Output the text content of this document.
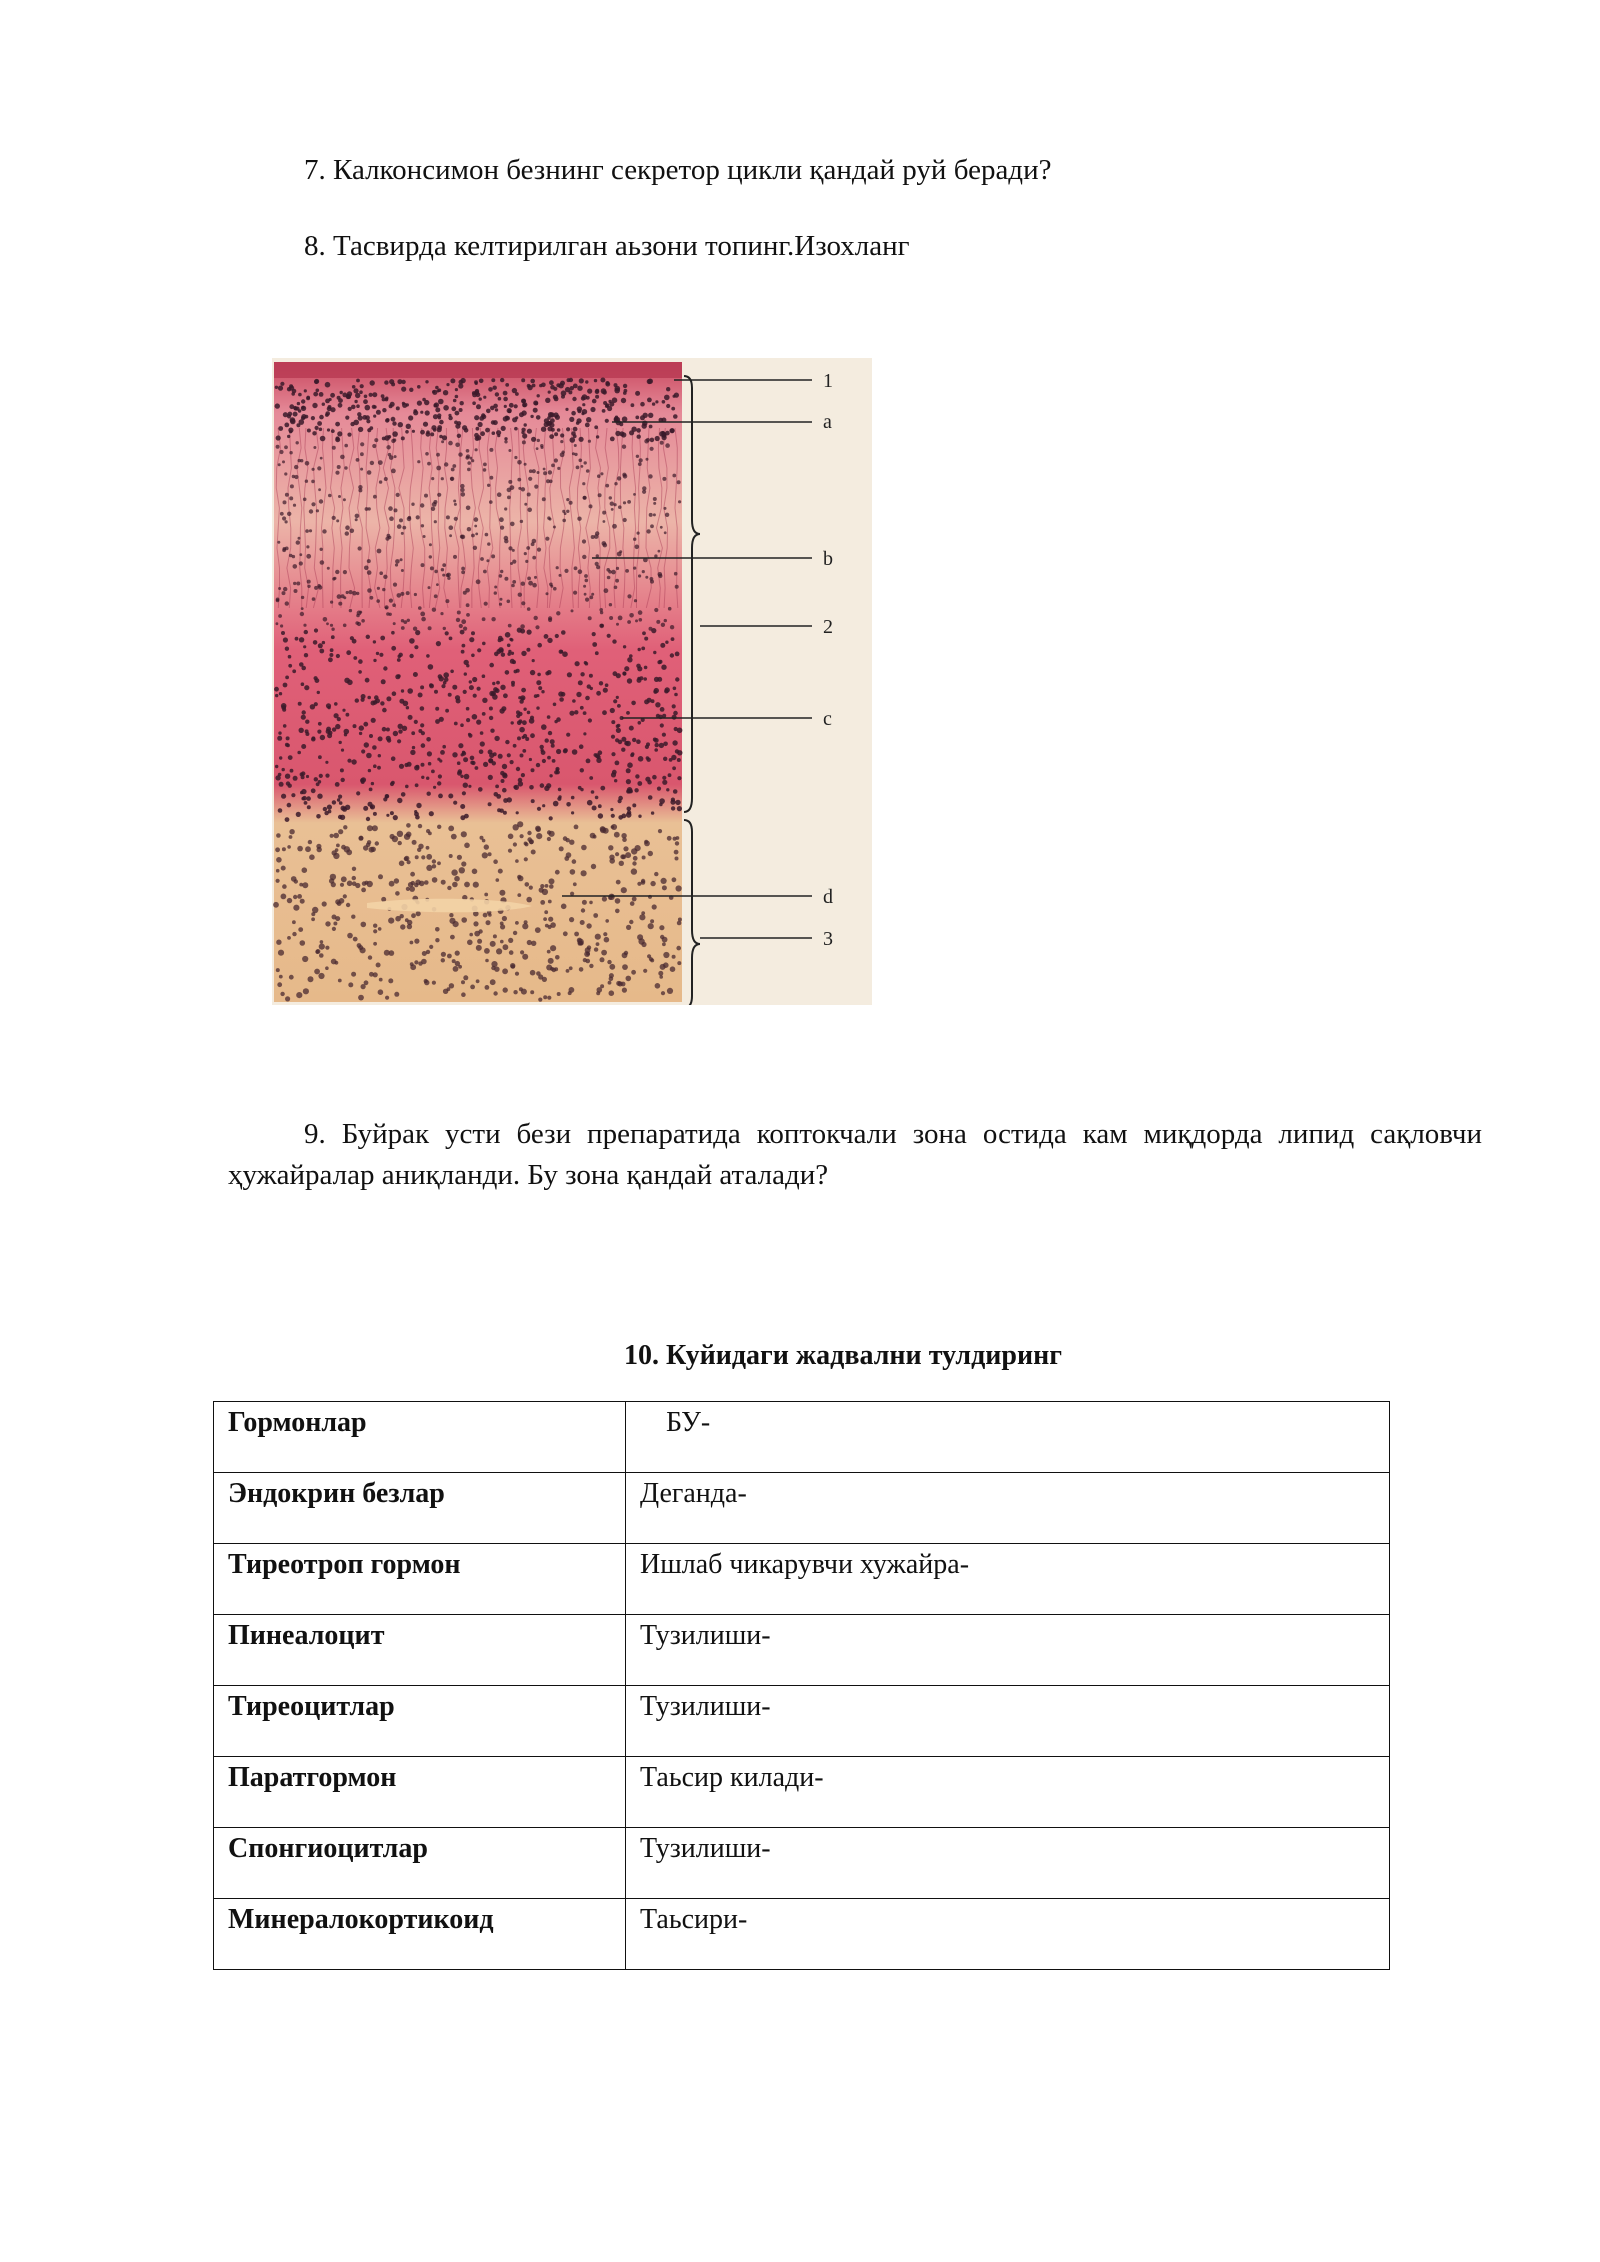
7. Калконсимон безнинг секретор цикли қандай руй беради?

8. Тасвирда келтирилган аьзони топинг.Изохланг

1
a
b
2
c
d
3

9. Буйрак усти бези препаратида коптокчали зона остида кам миқдорда липид сақловчи ҳужайралар аниқланди. Бу зона қандай аталади?

10. Куйидаги жадвални тулдиринг

Гормонлар	БУ-
Эндокрин безлар	Деганда-
Тиреотроп гормон	Ишлаб чикарувчи хужайра-
Пинеалоцит	Тузилиши-
Тиреоцитлар	Тузилиши-
Паратгормон	Таьсир килади-
Спонгиоцитлар	Тузилиши-
Минералокортикоид	Таьсири-
